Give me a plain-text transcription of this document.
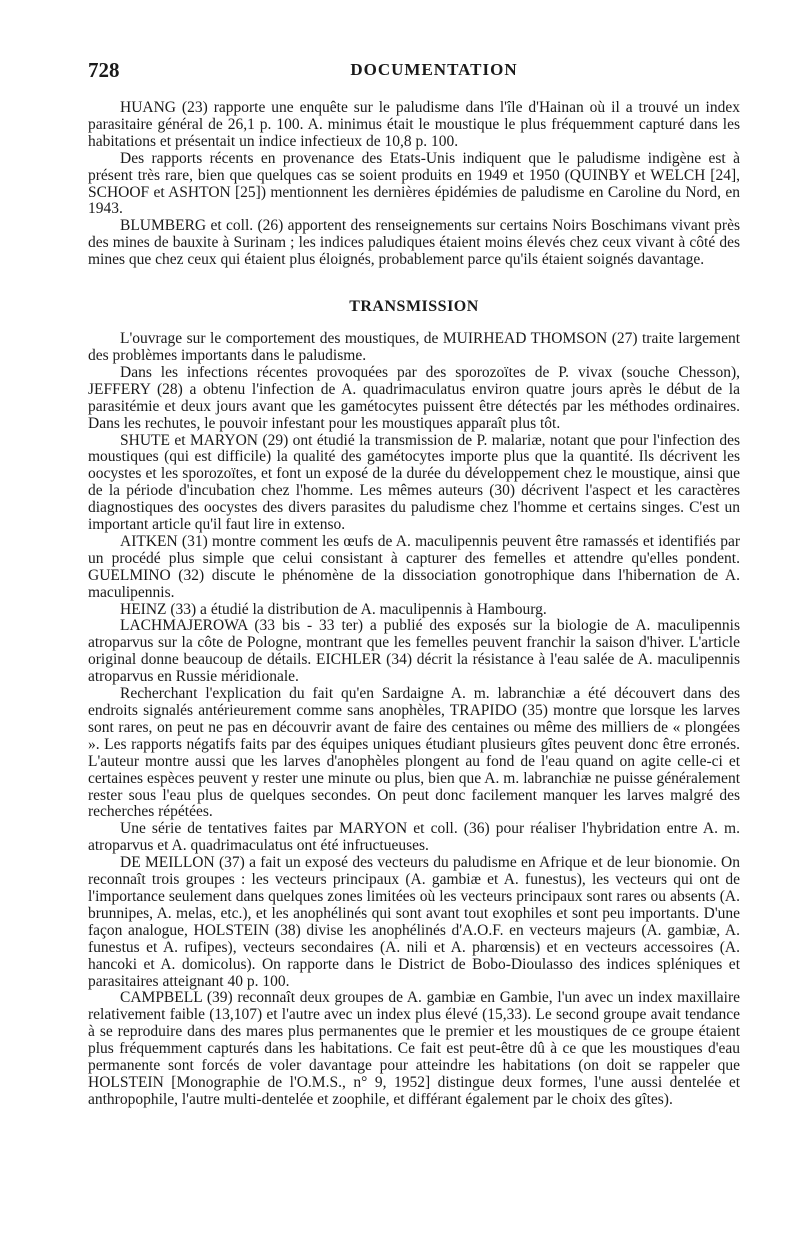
728	DOCUMENTATION

HUANG (23) rapporte une enquête sur le paludisme dans l'île d'Hainan où il a trouvé un index parasitaire général de 26,1 p. 100. A. minimus était le moustique le plus fréquemment capturé dans les habitations et présentait un indice infectieux de 10,8 p. 100.

Des rapports récents en provenance des Etats-Unis indiquent que le paludisme indigène est à présent très rare, bien que quelques cas se soient produits en 1949 et 1950 (QUINBY et WELCH [24], SCHOOF et ASHTON [25]) mentionnent les dernières épidémies de paludisme en Caroline du Nord, en 1943.

BLUMBERG et coll. (26) apportent des renseignements sur certains Noirs Boschimans vivant près des mines de bauxite à Surinam ; les indices paludiques étaient moins élevés chez ceux vivant à côté des mines que chez ceux qui étaient plus éloignés, probablement parce qu'ils étaient soignés davantage.

TRANSMISSION

L'ouvrage sur le comportement des moustiques, de MUIRHEAD THOMSON (27) traite largement des problèmes importants dans le paludisme.

Dans les infections récentes provoquées par des sporozoïtes de P. vivax (souche Chesson), JEFFERY (28) a obtenu l'infection de A. quadrimaculatus environ quatre jours après le début de la parasitémie et deux jours avant que les gamétocytes puissent être détectés par les méthodes ordinaires. Dans les rechutes, le pouvoir infestant pour les moustiques apparaît plus tôt.

SHUTE et MARYON (29) ont étudié la transmission de P. malariæ, notant que pour l'infection des moustiques (qui est difficile) la qualité des gamétocytes importe plus que la quantité. Ils décrivent les oocystes et les sporozoïtes, et font un exposé de la durée du développement chez le moustique, ainsi que de la période d'incubation chez l'homme. Les mêmes auteurs (30) décrivent l'aspect et les caractères diagnostiques des oocystes des divers parasites du paludisme chez l'homme et certains singes. C'est un important article qu'il faut lire in extenso.

AITKEN (31) montre comment les œufs de A. maculipennis peuvent être ramassés et identifiés par un procédé plus simple que celui consistant à capturer des femelles et attendre qu'elles pondent. GUELMINO (32) discute le phénomène de la dissociation gonotrophique dans l'hibernation de A. maculipennis.

HEINZ (33) a étudié la distribution de A. maculipennis à Hambourg.

LACHMAJEROWA (33 bis - 33 ter) a publié des exposés sur la biologie de A. maculipennis atroparvus sur la côte de Pologne, montrant que les femelles peuvent franchir la saison d'hiver. L'article original donne beaucoup de détails. EICHLER (34) décrit la résistance à l'eau salée de A. maculipennis atroparvus en Russie méridionale.

Recherchant l'explication du fait qu'en Sardaigne A. m. labranchiæ a été découvert dans des endroits signalés antérieurement comme sans anophèles, TRAPIDO (35) montre que lorsque les larves sont rares, on peut ne pas en découvrir avant de faire des centaines ou même des milliers de « plongées ». Les rapports négatifs faits par des équipes uniques étudiant plusieurs gîtes peuvent donc être erronés. L'auteur montre aussi que les larves d'anophèles plongent au fond de l'eau quand on agite celle-ci et certaines espèces peuvent y rester une minute ou plus, bien que A. m. labranchiæ ne puisse généralement rester sous l'eau plus de quelques secondes. On peut donc facilement manquer les larves malgré des recherches répétées.

Une série de tentatives faites par MARYON et coll. (36) pour réaliser l'hybridation entre A. m. atroparvus et A. quadrimaculatus ont été infructueuses.

DE MEILLON (37) a fait un exposé des vecteurs du paludisme en Afrique et de leur bionomie. On reconnaît trois groupes : les vecteurs principaux (A. gambiæ et A. funestus), les vecteurs qui ont de l'importance seulement dans quelques zones limitées où les vecteurs principaux sont rares ou absents (A. brunnipes, A. melas, etc.), et les anophélinés qui sont avant tout exophiles et sont peu importants. D'une façon analogue, HOLSTEIN (38) divise les anophélinés d'A.O.F. en vecteurs majeurs (A. gambiæ, A. funestus et A. rufipes), vecteurs secondaires (A. nili et A. pharœnsis) et en vecteurs accessoires (A. hancoki et A. domicolus). On rapporte dans le District de Bobo-Dioulasso des indices spléniques et parasitaires atteignant 40 p. 100.

CAMPBELL (39) reconnaît deux groupes de A. gambiæ en Gambie, l'un avec un index maxillaire relativement faible (13,107) et l'autre avec un index plus élevé (15,33). Le second groupe avait tendance à se reproduire dans des mares plus permanentes que le premier et les moustiques de ce groupe étaient plus fréquemment capturés dans les habitations. Ce fait est peut-être dû à ce que les moustiques d'eau permanente sont forcés de voler davantage pour atteindre les habitations (on doit se rappeler que HOLSTEIN [Monographie de l'O.M.S., n° 9, 1952] distingue deux formes, l'une aussi dentelée et anthropophile, l'autre multi-dentelée et zoophile, et différant également par le choix des gîtes).
